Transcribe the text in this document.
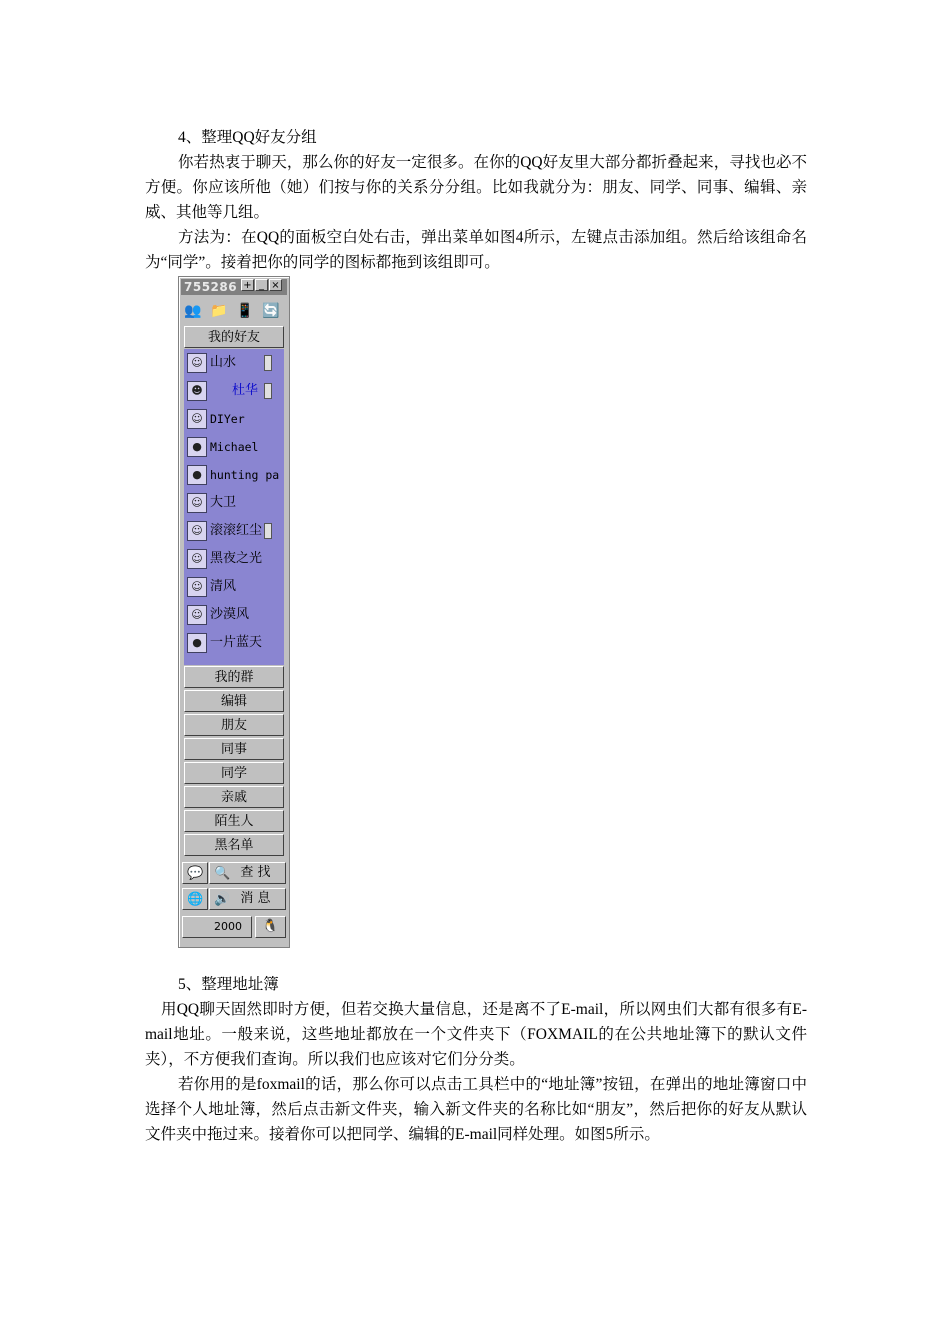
4、整理QQ好友分组

你若热衷于聊天，那么你的好友一定很多。在你的QQ好友里大部分都折叠起来，寻找也必不方便。你应该所他（她）们按与你的关系分分组。比如我就分为：朋友、同学、同事、编辑、亲威、其他等几组。

方法为：在QQ的面板空白处右击，弹出菜单如图4所示，左键点击添加组。然后给该组命名为“同学”。接着把你的同学的图标都拖到该组即可。

755286 + _ ×
👥 📁 📱 🔄
我的好友
☺ 山水
☻	杜华
☺ DIYer
● Michael
● hunting pa
☺ 大卫
☺ 滚滚红尘
☺ 黑夜之光
☺ 清风
☺ 沙漠风
● 一片蓝天
我的群
编辑
朋友
同事
同学
亲戚
陌生人
黑名单
💬 🔍 查 找
🌐 🔊 消 息
2000	🐧
5、整理地址簿

用QQ聊天固然即时方便，但若交换大量信息，还是离不了E-mail，所以网虫们大都有很多有E-mail地址。一般来说，这些地址都放在一个文件夹下（FOXMAIL的在公共地址簿下的默认文件夹），不方便我们查询。所以我们也应该对它们分分类。

若你用的是foxmail的话，那么你可以点击工具栏中的“地址簿”按钮，在弹出的地址簿窗口中选择个人地址簿，然后点击新文件夹，输入新文件夹的名称比如“朋友”，然后把你的好友从默认文件夹中拖过来。接着你可以把同学、编辑的E-mail同样处理。如图5所示。
